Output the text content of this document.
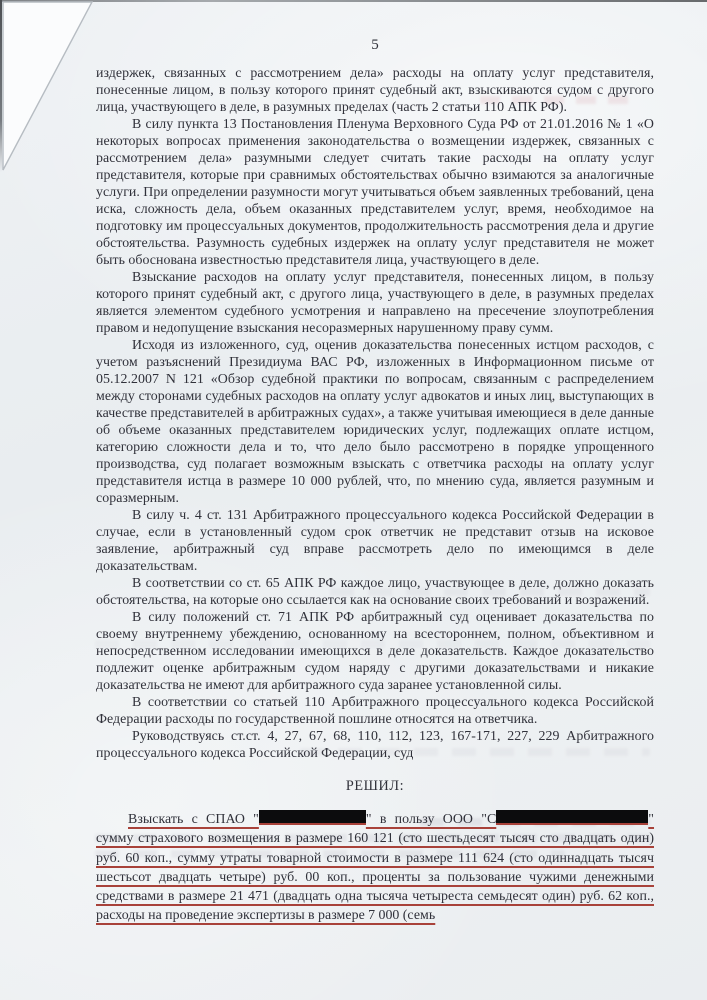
5

издержек, связанных с рассмотрением дела» расходы на оплату услуг представителя, понесенные лицом, в пользу которого принят судебный акт, взыскиваются судом с другого лица, участвующего в деле, в разумных пределах (часть 2 статьи 110 АПК РФ).

В силу пункта 13 Постановления Пленума Верховного Суда РФ от 21.01.2016 № 1 «О некоторых вопросах применения законодательства о возмещении издержек, связанных с рассмотрением дела» разумными следует считать такие расходы на оплату услуг представителя, которые при сравнимых обстоятельствах обычно взимаются за аналогичные услуги. При определении разумности могут учитываться объем заявленных требований, цена иска, сложность дела, объем оказанных представителем услуг, время, необходимое на подготовку им процессуальных документов, продолжительность рассмотрения дела и другие обстоятельства. Разумность судебных издержек на оплату услуг представителя не может быть обоснована известностью представителя лица, участвующего в деле.

Взыскание расходов на оплату услуг представителя, понесенных лицом, в пользу которого принят судебный акт, с другого лица, участвующего в деле, в разумных пределах является элементом судебного усмотрения и направлено на пресечение злоупотребления правом и недопущение взыскания несоразмерных нарушенному праву сумм.

Исходя из изложенного, суд, оценив доказательства понесенных истцом расходов, с учетом разъяснений Президиума ВАС РФ, изложенных в Информационном письме от 05.12.2007 N 121 «Обзор судебной практики по вопросам, связанным с распределением между сторонами судебных расходов на оплату услуг адвокатов и иных лиц, выступающих в качестве представителей в арбитражных судах», а также учитывая имеющиеся в деле данные об объеме оказанных представителем юридических услуг, подлежащих оплате истцом, категорию сложности дела и то, что дело было рассмотрено в порядке упрощенного производства, суд полагает возможным взыскать с ответчика расходы на оплату услуг представителя истца в размере 10 000 рублей, что, по мнению суда, является разумным и соразмерным.

В силу ч. 4 ст. 131 Арбитражного процессуального кодекса Российской Федерации в случае, если в установленный судом срок ответчик не представит отзыв на исковое заявление, арбитражный суд вправе рассмотреть дело по имеющимся в деле доказательствам.

В соответствии со ст. 65 АПК РФ каждое лицо, участвующее в деле, должно доказать обстоятельства, на которые оно ссылается как на основание своих требований и возражений.

В силу положений ст. 71 АПК РФ арбитражный суд оценивает доказательства по своему внутреннему убеждению, основанному на всестороннем, полном, объективном и непосредственном исследовании имеющихся в деле доказательств. Каждое доказательство подлежит оценке арбитражным судом наряду с другими доказательствами и никакие доказательства не имеют для арбитражного суда заранее установленной силы.

В соответствии со статьей 110 Арбитражного процессуального кодекса Российской Федерации расходы по государственной пошлине относятся на ответчика.

Руководствуясь ст.ст. 4, 27, 67, 68, 110, 112, 123, 167-171, 227, 229 Арбитражного процессуального кодекса Российской Федерации, суд

РЕШИЛ:

Взыскать с СПАО "	" в пользу ООО "С	" сумму страхового возмещения в размере 160 121 (сто шестьдесят тысяч сто двадцать один) руб. 60 коп., сумму утраты товарной стоимости в размере 111 624 (сто одиннадцать тысяч шестьсот двадцать четыре) руб. 00 коп., проценты за пользование чужими денежными средствами в размере 21 471 (двадцать одна тысяча четыреста семьдесят один) руб. 62 коп., расходы на проведение экспертизы в размере 7 000 (семь
